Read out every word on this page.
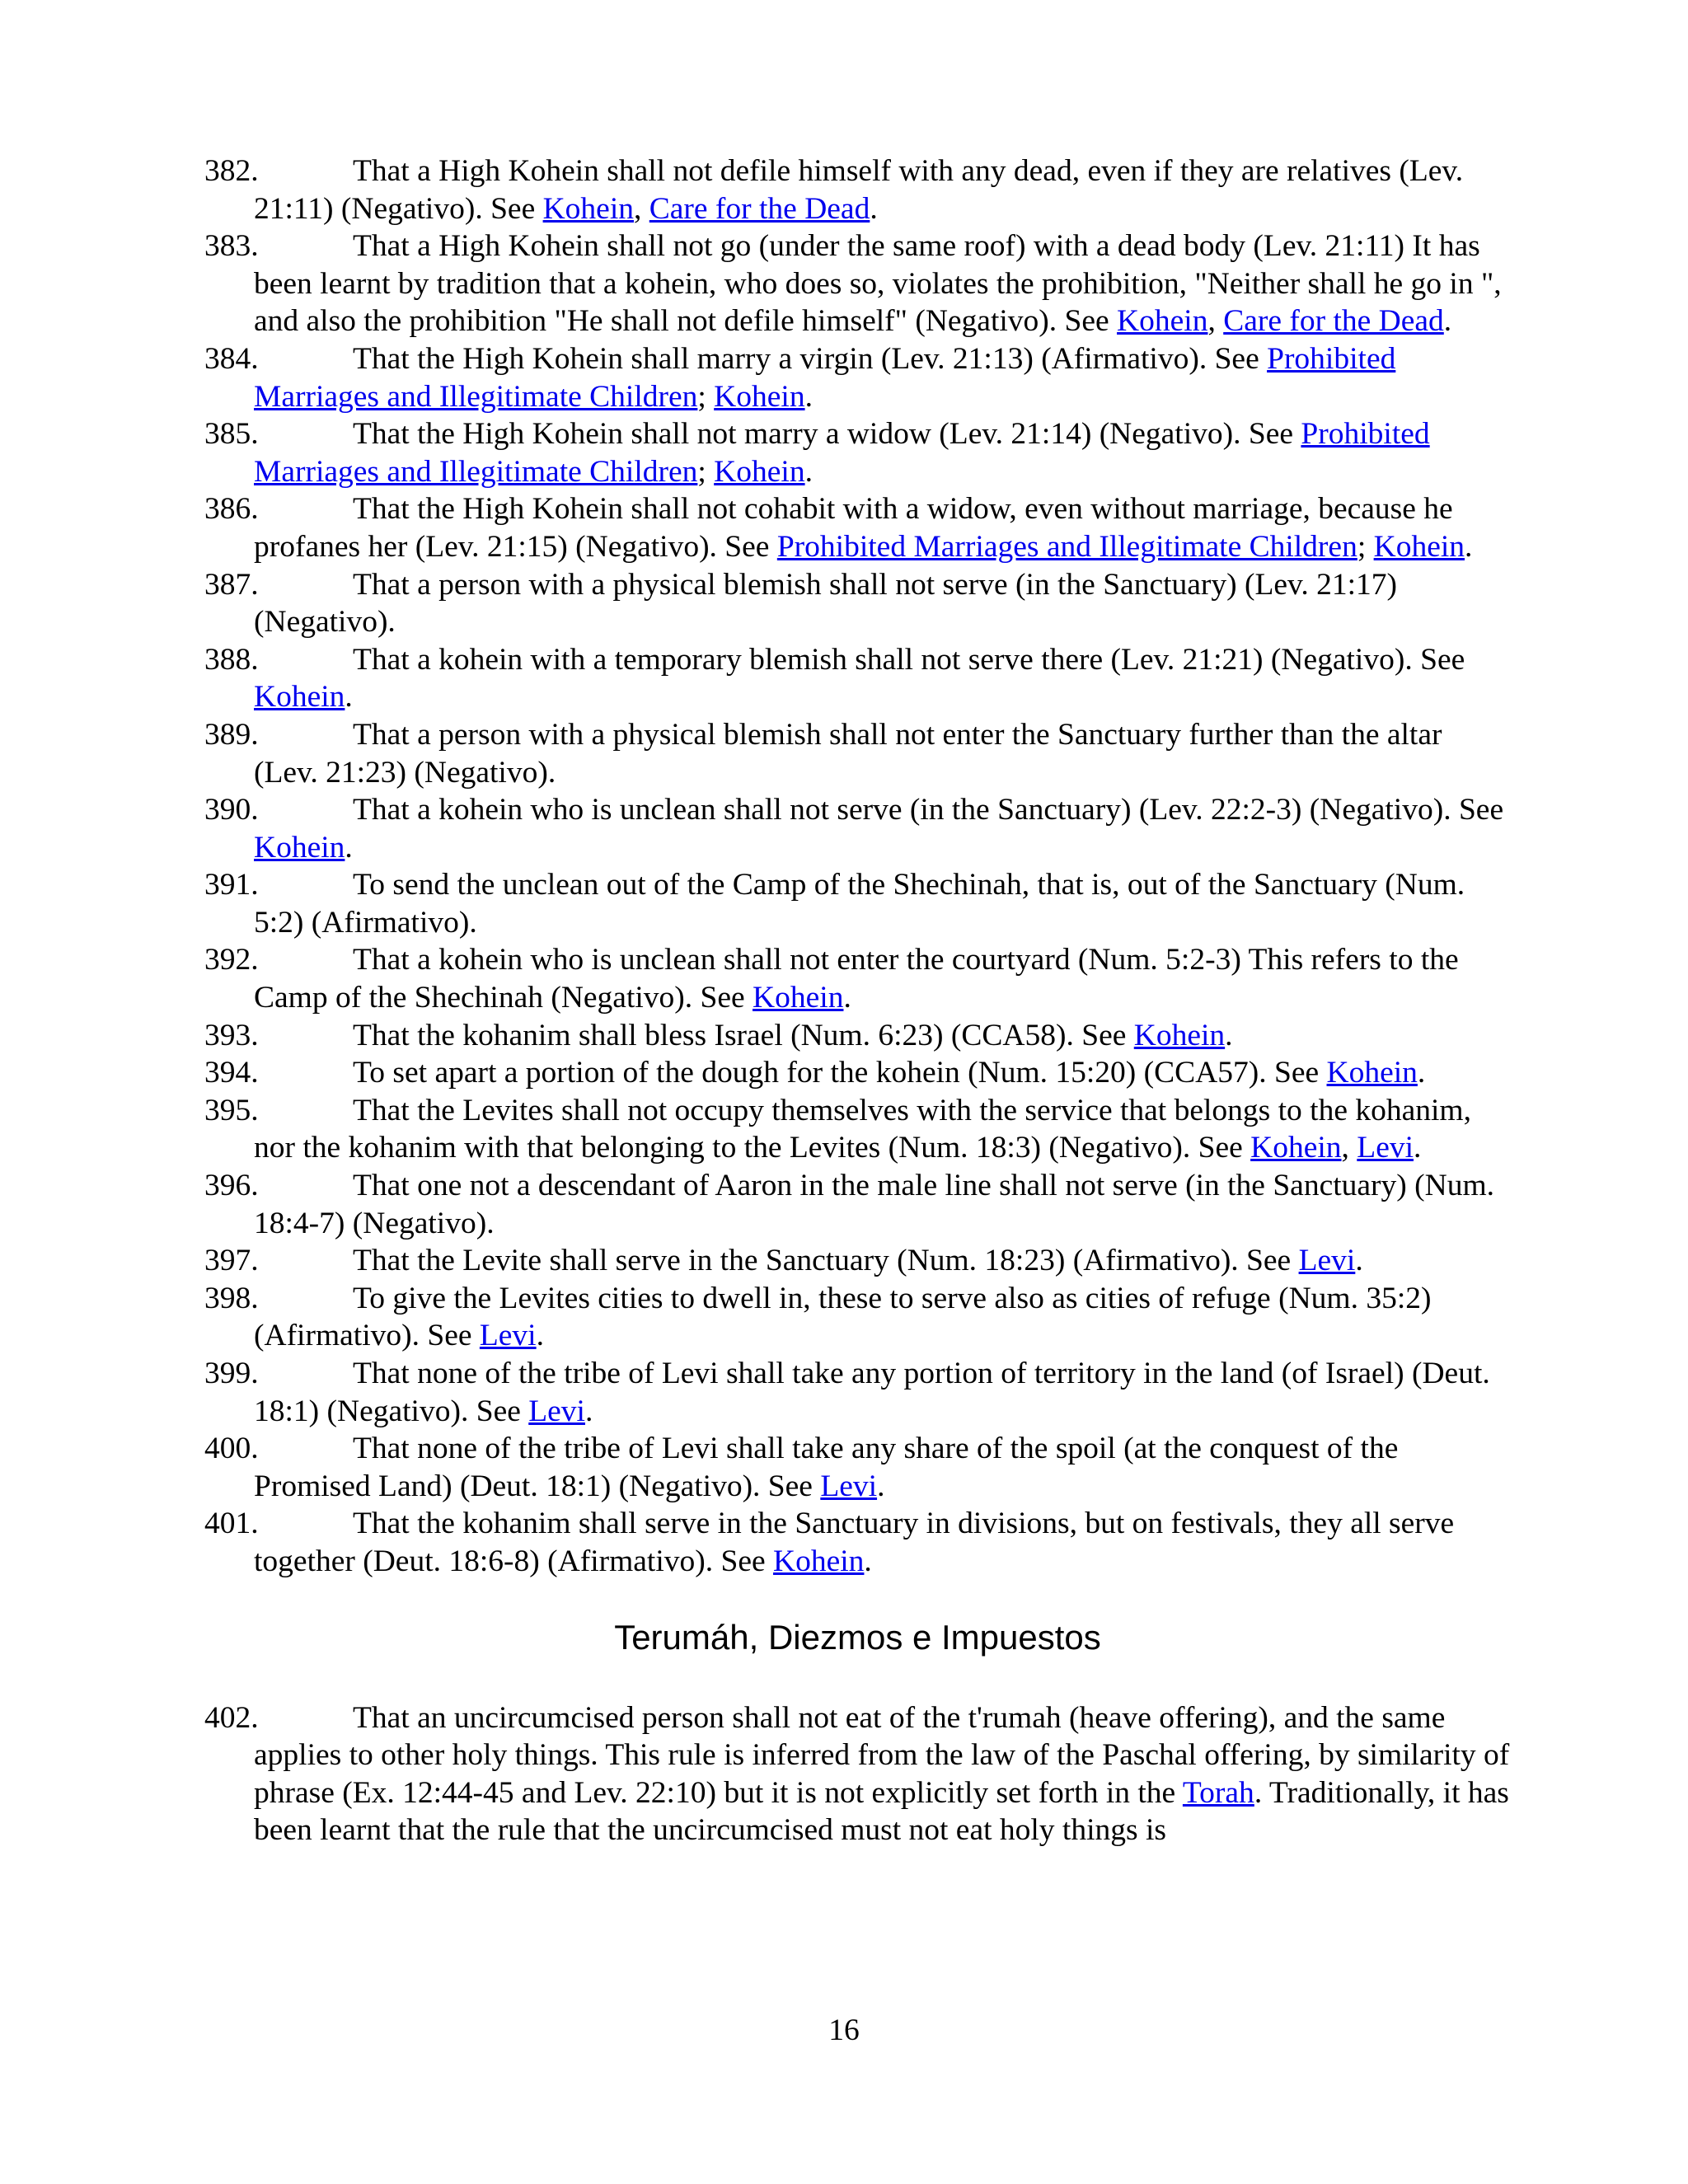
382.	That a High Kohein shall not defile himself with any dead, even if they are relatives (Lev. 21:11) (Negativo). See Kohein, Care for the Dead.

383.	That a High Kohein shall not go (under the same roof) with a dead body (Lev. 21:11) It has been learnt by tradition that a kohein, who does so, violates the prohibition, "Neither shall he go in ", and also the prohibition "He shall not defile himself" (Negativo). See Kohein, Care for the Dead.

384.	That the High Kohein shall marry a virgin (Lev. 21:13) (Afirmativo). See Prohibited Marriages and Illegitimate Children; Kohein.

385.	That the High Kohein shall not marry a widow (Lev. 21:14) (Negativo). See Prohibited Marriages and Illegitimate Children; Kohein.

386.	That the High Kohein shall not cohabit with a widow, even without marriage, because he profanes her (Lev. 21:15) (Negativo). See Prohibited Marriages and Illegitimate Children; Kohein.

387.	That a person with a physical blemish shall not serve (in the Sanctuary) (Lev. 21:17) (Negativo).

388.	That a kohein with a temporary blemish shall not serve there (Lev. 21:21) (Negativo). See Kohein.

389.	That a person with a physical blemish shall not enter the Sanctuary further than the altar (Lev. 21:23) (Negativo).

390.	That a kohein who is unclean shall not serve (in the Sanctuary) (Lev. 22:2-3) (Negativo). See Kohein.

391.	To send the unclean out of the Camp of the Shechinah, that is, out of the Sanctuary (Num. 5:2) (Afirmativo).

392.	That a kohein who is unclean shall not enter the courtyard (Num. 5:2-3) This refers to the Camp of the Shechinah (Negativo). See Kohein.

393.	That the kohanim shall bless Israel (Num. 6:23) (CCA58). See Kohein.

394.	To set apart a portion of the dough for the kohein (Num. 15:20) (CCA57). See Kohein.

395.	That the Levites shall not occupy themselves with the service that belongs to the kohanim, nor the kohanim with that belonging to the Levites (Num. 18:3) (Negativo). See Kohein, Levi.

396.	That one not a descendant of Aaron in the male line shall not serve (in the Sanctuary) (Num. 18:4-7) (Negativo).

397.	That the Levite shall serve in the Sanctuary (Num. 18:23) (Afirmativo). See Levi.

398.	To give the Levites cities to dwell in, these to serve also as cities of refuge (Num. 35:2) (Afirmativo). See Levi.

399.	That none of the tribe of Levi shall take any portion of territory in the land (of Israel) (Deut. 18:1) (Negativo). See Levi.

400.	That none of the tribe of Levi shall take any share of the spoil (at the conquest of the Promised Land) (Deut. 18:1) (Negativo). See Levi.

401.	That the kohanim shall serve in the Sanctuary in divisions, but on festivals, they all serve together (Deut. 18:6-8) (Afirmativo). See Kohein.

Terumáh, Diezmos e Impuestos

402.	That an uncircumcised person shall not eat of the t'rumah (heave offering), and the same applies to other holy things. This rule is inferred from the law of the Paschal offering, by similarity of phrase (Ex. 12:44-45 and Lev. 22:10) but it is not explicitly set forth in the Torah. Traditionally, it has been learnt that the rule that the uncircumcised must not eat holy things is

16
